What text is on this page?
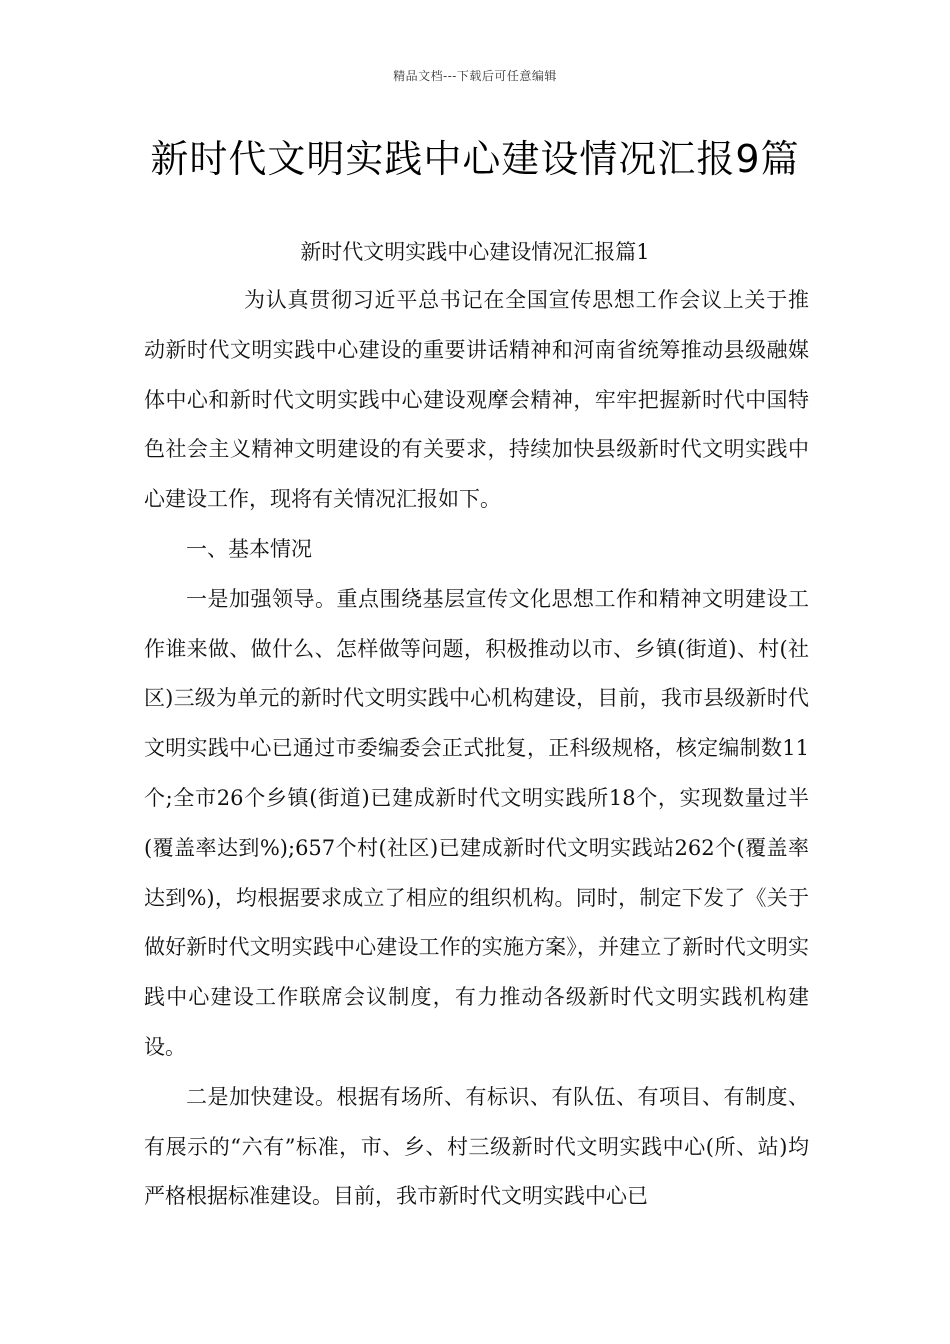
精品文档---下载后可任意编辑
新时代文明实践中心建设情况汇报9篇
新时代文明实践中心建设情况汇报篇1

为认真贯彻习近平总书记在全国宣传思想工作会议上关于推动新时代文明实践中心建设的重要讲话精神和河南省统筹推动县级融媒体中心和新时代文明实践中心建设观摩会精神，牢牢把握新时代中国特色社会主义精神文明建设的有关要求，持续加快县级新时代文明实践中心建设工作，现将有关情况汇报如下。

一、基本情况

一是加强领导。重点围绕基层宣传文化思想工作和精神文明建设工作谁来做、做什么、怎样做等问题，积极推动以市、乡镇(街道)、村(社区)三级为单元的新时代文明实践中心机构建设，目前，我市县级新时代文明实践中心已通过市委编委会正式批复，正科级规格，核定编制数11个;全市26个乡镇(街道)已建成新时代文明实践所18个，实现数量过半(覆盖率达到%);657个村(社区)已建成新时代文明实践站262个(覆盖率达到%)，均根据要求成立了相应的组织机构。同时，制定下发了《关于做好新时代文明实践中心建设工作的实施方案》，并建立了新时代文明实践中心建设工作联席会议制度，有力推动各级新时代文明实践机构建设。

二是加快建设。根据有场所、有标识、有队伍、有项目、有制度、有展示的“六有”标准，市、乡、村三级新时代文明实践中心(所、站)均严格根据标准建设。目前，我市新时代文明实践中心已
